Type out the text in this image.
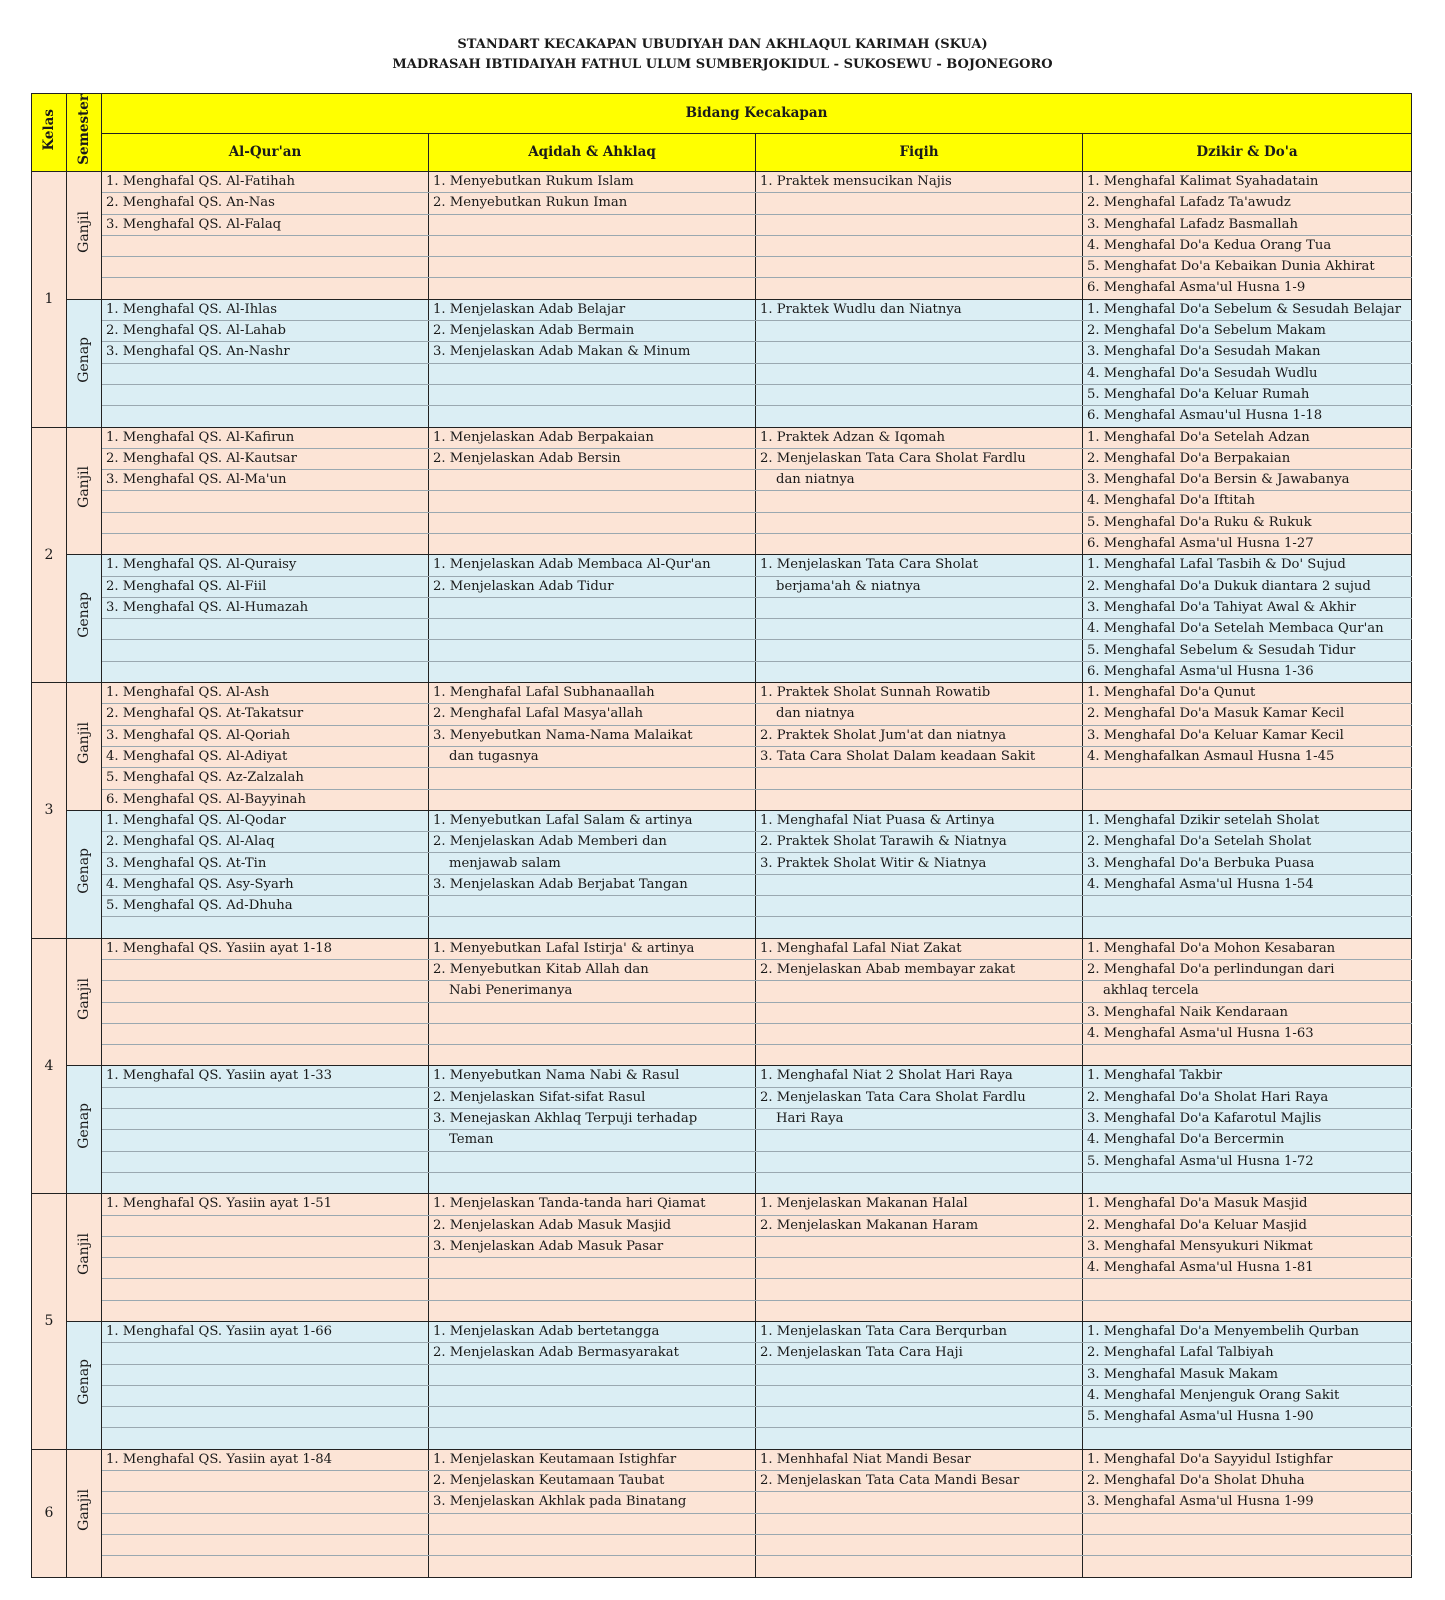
STANDART KECAKAPAN UBUDIYAH DAN AKHLAQUL KARIMAH (SKUA)
MADRASAH IBTIDAIYAH FATHUL ULUM SUMBERJOKIDUL - SUKOSEWU - BOJONEGORO
Kelas	Semester	Bidang Kecakapan			
		Al-Qur'an	Aqidah & Ahklaq	Fiqih	Dzikir & Do'a
1	Ganjil	1. Menghafal QS. Al-Fatihah	1. Menyebutkan Rukum Islam	1. Praktek mensucikan Najis	1. Menghafal Kalimat Syahadatain
		2. Menghafal QS. An-Nas	2. Menyebutkan Rukun Iman		2. Menghafal Lafadz Ta'awudz
		3. Menghafal QS. Al-Falaq			3. Menghafal Lafadz Basmallah
					4. Menghafal Do'a Kedua Orang Tua
					5. Menghafat Do'a Kebaikan Dunia Akhirat
					6. Menghafal Asma'ul Husna 1-9
	Genap	1. Menghafal QS. Al-Ihlas	1. Menjelaskan Adab Belajar	1. Praktek Wudlu dan Niatnya	1. Menghafal Do'a Sebelum & Sesudah Belajar
		2. Menghafal QS. Al-Lahab	2. Menjelaskan Adab Bermain		2. Menghafal Do'a Sebelum Makam
		3. Menghafal QS. An-Nashr	3. Menjelaskan Adab Makan & Minum		3. Menghafal Do'a Sesudah Makan
					4. Menghafal Do'a Sesudah Wudlu
					5. Menghafal Do'a Keluar Rumah
					6. Menghafal Asmau'ul Husna 1-18
2	Ganjil	1. Menghafal QS. Al-Kafirun	1. Menjelaskan Adab Berpakaian	1. Praktek Adzan & Iqomah	1. Menghafal Do'a Setelah Adzan
		2. Menghafal QS. Al-Kautsar	2. Menjelaskan Adab Bersin	2. Menjelaskan Tata Cara Sholat Fardlu	2. Menghafal Do'a Berpakaian
		3. Menghafal QS. Al-Ma'un		dan niatnya	3. Menghafal Do'a Bersin & Jawabanya
					4. Menghafal Do'a Iftitah
					5. Menghafal Do'a Ruku & Rukuk
					6. Menghafal Asma'ul Husna 1-27
	Genap	1. Menghafal QS. Al-Quraisy	1. Menjelaskan Adab Membaca Al-Qur'an	1. Menjelaskan Tata Cara Sholat	1. Menghafal Lafal Tasbih & Do' Sujud
		2. Menghafal QS. Al-Fiil	2. Menjelaskan Adab Tidur	berjama'ah & niatnya	2. Menghafal Do'a Dukuk diantara 2 sujud
		3. Menghafal QS. Al-Humazah			3. Menghafal Do'a Tahiyat Awal & Akhir
					4. Menghafal Do'a Setelah Membaca Qur'an
					5. Menghafal Sebelum & Sesudah Tidur
					6. Menghafal Asma'ul Husna 1-36
3	Ganjil	1. Menghafal QS. Al-Ash	1. Menghafal Lafal Subhanaallah	1. Praktek Sholat Sunnah Rowatib	1. Menghafal Do'a Qunut
		2. Menghafal QS. At-Takatsur	2. Menghafal Lafal Masya'allah	dan niatnya	2. Menghafal Do'a Masuk Kamar Kecil
		3. Menghafal QS. Al-Qoriah	3. Menyebutkan Nama-Nama Malaikat	2. Praktek Sholat Jum'at dan niatnya	3. Menghafal Do'a Keluar Kamar Kecil
		4. Menghafal QS. Al-Adiyat	dan tugasnya	3. Tata Cara Sholat Dalam keadaan Sakit	4. Menghafalkan Asmaul Husna 1-45
		5. Menghafal QS. Az-Zalzalah			
		6. Menghafal QS. Al-Bayyinah			
	Genap	1. Menghafal QS. Al-Qodar	1. Menyebutkan Lafal Salam & artinya	1. Menghafal Niat Puasa & Artinya	1. Menghafal Dzikir setelah Sholat
		2. Menghafal QS. Al-Alaq	2. Menjelaskan Adab Memberi dan	2. Praktek Sholat Tarawih & Niatnya	2. Menghafal Do'a Setelah Sholat
		3. Menghafal QS. At-Tin	menjawab salam	3. Praktek Sholat Witir & Niatnya	3. Menghafal Do'a Berbuka Puasa
		4. Menghafal QS. Asy-Syarh	3. Menjelaskan Adab Berjabat Tangan		4. Menghafal Asma'ul Husna 1-54
		5. Menghafal QS. Ad-Dhuha			

4	Ganjil	1. Menghafal QS. Yasiin ayat 1-18	1. Menyebutkan Lafal Istirja' & artinya	1. Menghafal Lafal Niat Zakat	1. Menghafal Do'a Mohon Kesabaran
			2. Menyebutkan Kitab Allah dan	2. Menjelaskan Abab membayar zakat	2. Menghafal Do'a perlindungan dari
			Nabi Penerimanya		akhlaq tercela
					3. Menghafal Naik Kendaraan
					4. Menghafal Asma'ul Husna 1-63

	Genap	1. Menghafal QS. Yasiin ayat 1-33	1. Menyebutkan Nama Nabi & Rasul	1. Menghafal Niat 2 Sholat Hari Raya	1. Menghafal Takbir
			2. Menjelaskan Sifat-sifat Rasul	2. Menjelaskan Tata Cara Sholat Fardlu	2. Menghafal Do'a Sholat Hari Raya
			3. Menejaskan Akhlaq Terpuji terhadap	Hari Raya	3. Menghafal Do'a Kafarotul Majlis
			Teman		4. Menghafal Do'a Bercermin
					5. Menghafal Asma'ul Husna 1-72

5	Ganjil	1. Menghafal QS. Yasiin ayat 1-51	1. Menjelaskan Tanda-tanda hari Qiamat	1. Menjelaskan Makanan Halal	1. Menghafal Do'a Masuk Masjid
			2. Menjelaskan Adab Masuk Masjid	2. Menjelaskan Makanan Haram	2. Menghafal Do'a Keluar Masjid
			3. Menjelaskan Adab Masuk Pasar		3. Menghafal Mensyukuri Nikmat
					4. Menghafal Asma'ul Husna 1-81

	Genap	1. Menghafal QS. Yasiin ayat 1-66	1. Menjelaskan Adab bertetangga	1. Menjelaskan Tata Cara Berqurban	1. Menghafal Do'a Menyembelih Qurban
			2. Menjelaskan Adab Bermasyarakat	2. Menjelaskan Tata Cara Haji	2. Menghafal Lafal Talbiyah
					3. Menghafal Masuk Makam
					4. Menghafal Menjenguk Orang Sakit
					5. Menghafal Asma'ul Husna 1-90

6	Ganjil	1. Menghafal QS. Yasiin ayat 1-84	1. Menjelaskan Keutamaan Istighfar	1. Menhhafal Niat Mandi Besar	1. Menghafal Do'a Sayyidul Istighfar
			2. Menjelaskan Keutamaan Taubat	2. Menjelaskan Tata Cata Mandi Besar	2. Menghafal Do'a Sholat Dhuha
			3. Menjelaskan Akhlak pada Binatang		3. Menghafal Asma'ul Husna 1-99
